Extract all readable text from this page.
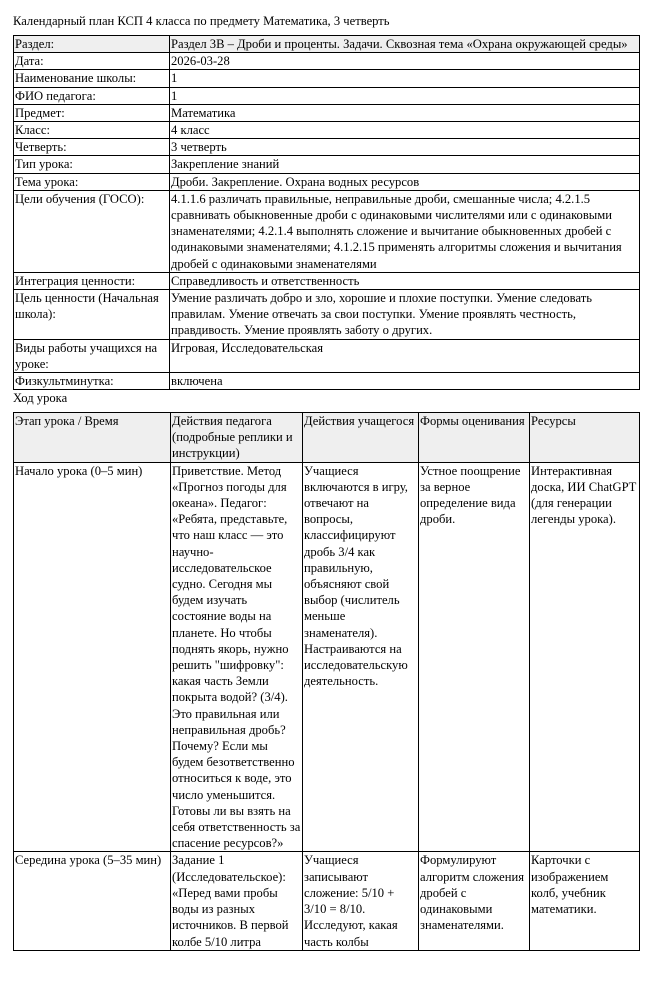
Календарный план КСП 4 класса по предмету Математика, 3 четверть
Раздел:	Раздел 3В – Дроби и проценты. Задачи. Сквозная тема «Охрана окружающей среды»
Дата:	2026-03-28
Наименование школы:	1
ФИО педагога:	1
Предмет:	Математика
Класс:	4 класс
Четверть:	3 четверть
Тип урока:	Закрепление знаний
Тема урока:	Дроби. Закрепление. Охрана водных ресурсов
Цели обучения (ГОСО):	4.1.1.6 различать правильные, неправильные дроби, смешанные числа; 4.2.1.5 сравнивать обыкновенные дроби с одинаковыми числителями или с одинаковыми знаменателями; 4.2.1.4 выполнять сложение и вычитание обыкновенных дробей с одинаковыми знаменателями; 4.1.2.15 применять алгоритмы сложения и вычитания дробей с одинаковыми знаменателями
Интеграция ценности:	Справедливость и ответственность
Цель ценности (Начальная школа):	Умение различать добро и зло, хорошие и плохие поступки. Умение следовать правилам. Умение отвечать за свои поступки. Умение проявлять честность, правдивость. Умение проявлять заботу о других.
Виды работы учащихся на уроке:	Игровая, Исследовательская
Физкультминутка:	включена
Ход урока
Этап урока / Время	Действия педагога (подробные реплики и инструкции)	Действия учащегося	Формы оценивания	Ресурсы
Начало урока (0–5 мин)	Приветствие. Метод «Прогноз погоды для океана». Педагог: «Ребята, представьте, что наш класс — это научно-исследовательское судно. Сегодня мы будем изучать состояние воды на планете. Но чтобы поднять якорь, нужно решить "шифровку": какая часть Земли покрыта водой? (3/4). Это правильная или неправильная дробь? Почему? Если мы будем безответственно относиться к воде, это число уменьшится. Готовы ли вы взять на себя ответственность за спасение ресурсов?»	Учащиеся включаются в игру, отвечают на вопросы, классифицируют дробь 3/4 как правильную, объясняют свой выбор (числитель меньше знаменателя). Настраиваются на исследовательскую деятельность.	Устное поощрение за верное определение вида дроби.	Интерактивная доска, ИИ ChatGPT (для генерации легенды урока).
Середина урока (5–35 мин)	Задание 1 (Исследовательское): «Перед вами пробы воды из разных источников. В первой колбе 5/10 литра	Учащиеся записывают сложение: 5/10 + 3/10 = 8/10. Исследуют, какая часть колбы	Формулируют алгоритм сложения дробей с одинаковыми знаменателями.	Карточки с изображением колб, учебник математики.
